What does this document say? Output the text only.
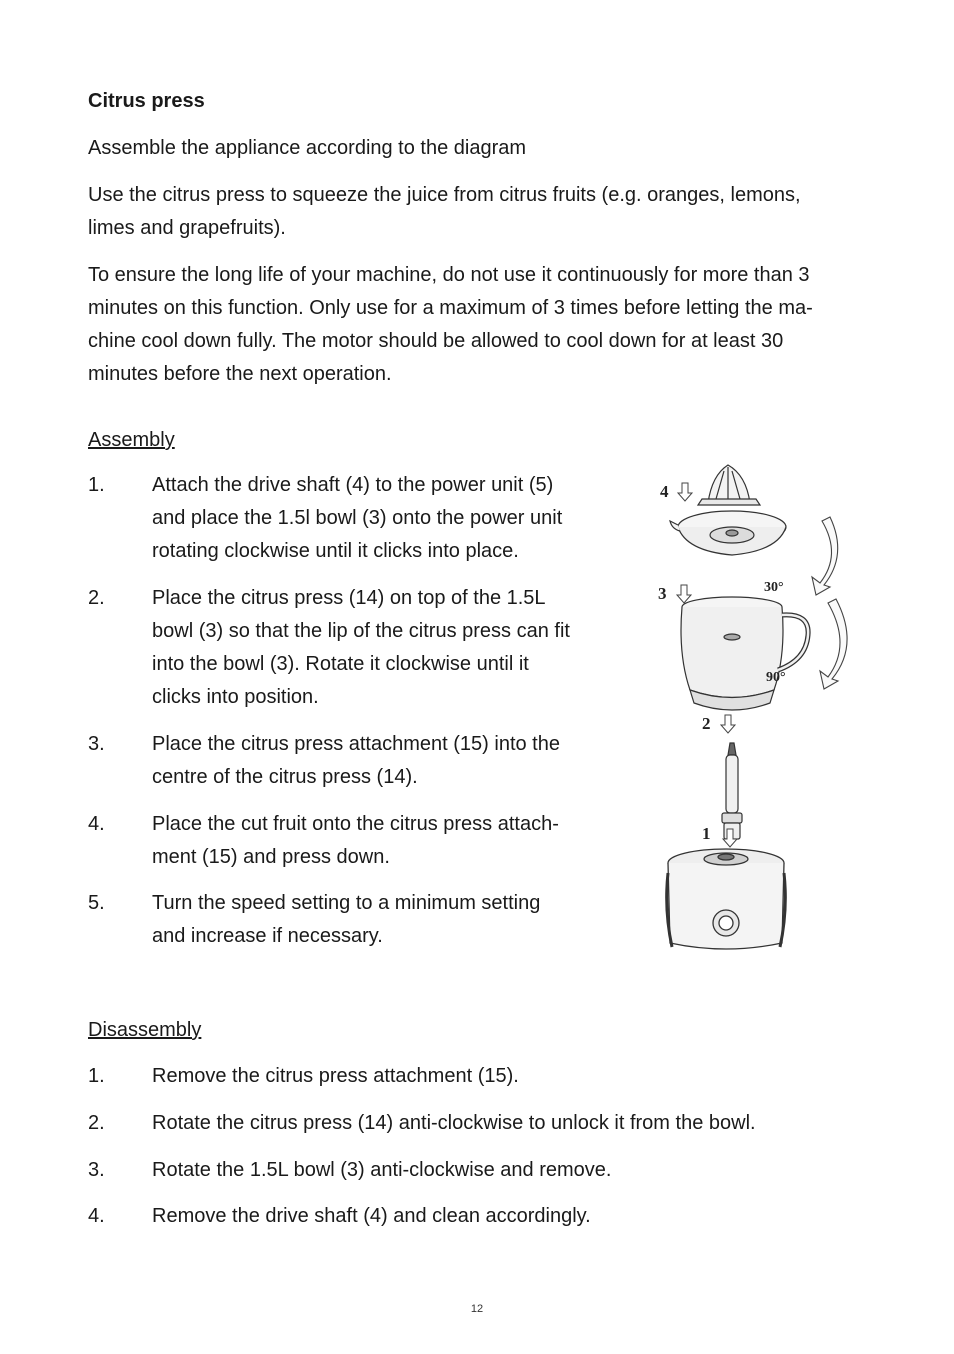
Citrus press
Assemble the appliance according to the diagram
Use the citrus press to squeeze the juice from citrus fruits (e.g. oranges, lemons,
limes and grapefruits).
To ensure the long life of your machine, do not use it continuously for more than 3
minutes on this function. Only use for a maximum of 3 times before letting the ma-
chine cool down fully. The motor should be allowed to cool down for at least 30
minutes before the next operation.
Assembly
1. Attach the drive shaft (4) to the power unit (5)
and place the 1.5l bowl (3) onto the power unit
rotating clockwise until it clicks into place.
2. Place the citrus press (14) on top of the 1.5L
bowl (3) so that the lip of the citrus press can fit
into the bowl (3). Rotate it clockwise until it
clicks into position.
3. Place the citrus press attachment (15) into the
centre of the citrus press (14).
4. Place the cut fruit onto the citrus press attach-
ment (15) and press down.
5. Turn the speed setting to a minimum setting
and increase if necessary.
4
30°
3
90°
2
1
Disassembly
1. Remove the citrus press attachment (15).
2. Rotate the citrus press (14) anti-clockwise to unlock it from the bowl.
3. Rotate the 1.5L bowl (3) anti-clockwise and remove.
4. Remove the drive shaft (4) and clean accordingly.
12
